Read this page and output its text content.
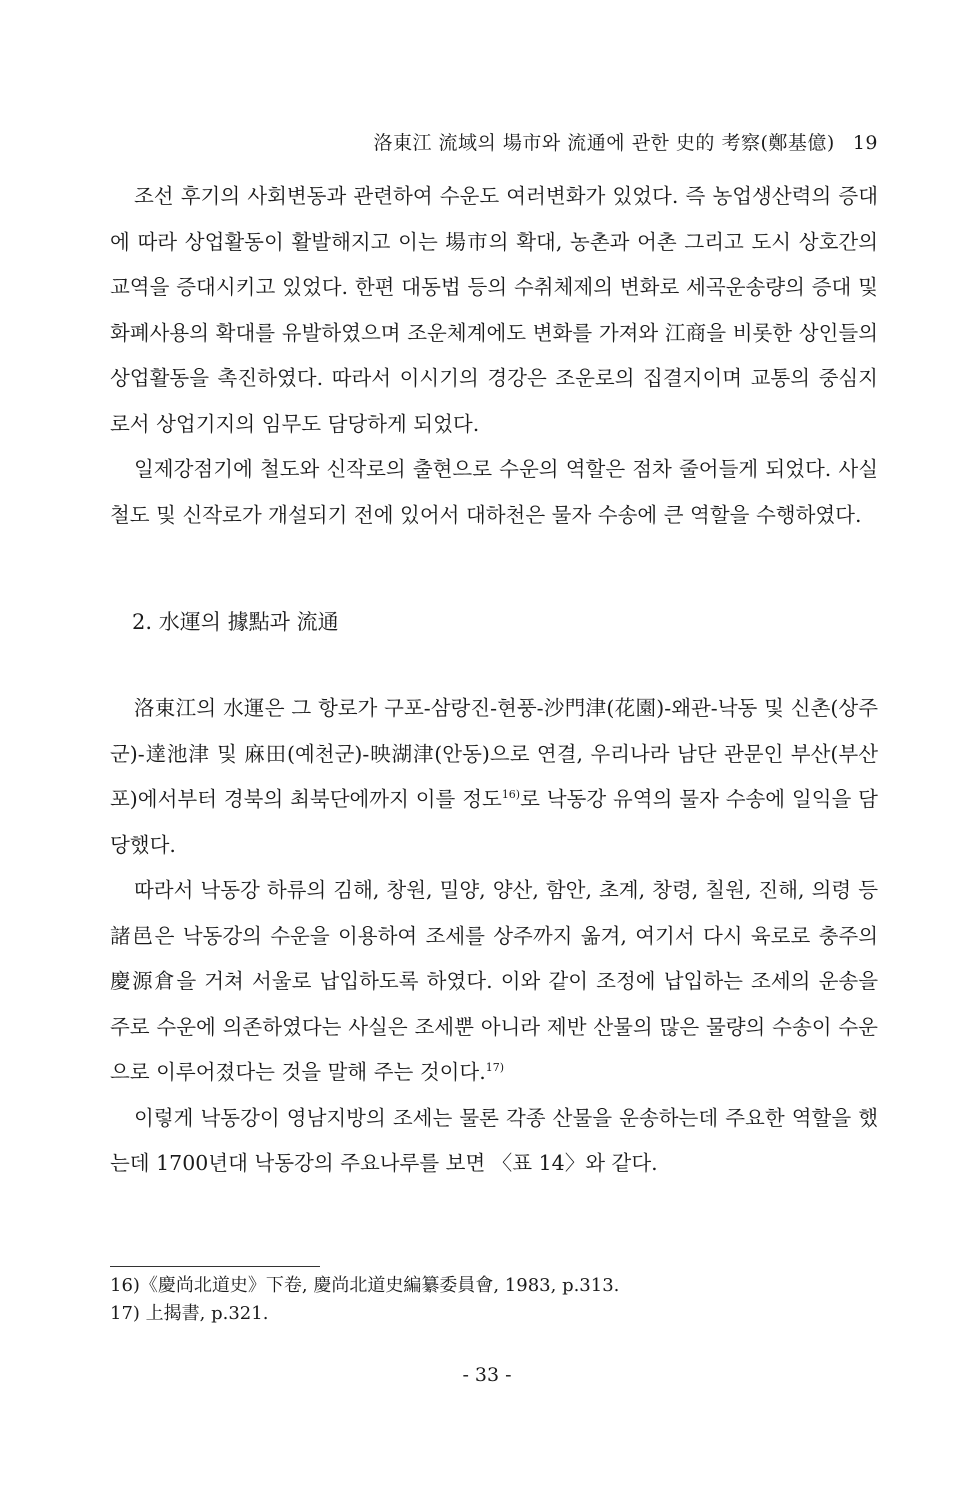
洛東江 流域의 場市와 流通에 관한 史的 考察(鄭基億) 19

조선 후기의 사회변동과 관련하여 수운도 여러변화가 있었다. 즉 농업생산력의 증대에 따라 상업활동이 활발해지고 이는 場市의 확대, 농촌과 어촌 그리고 도시 상호간의 교역을 증대시키고 있었다. 한편 대동법 등의 수취체제의 변화로 세곡운송량의 증대 및 화폐사용의 확대를 유발하였으며 조운체계에도 변화를 가져와 江商을 비롯한 상인들의 상업활동을 촉진하였다. 따라서 이시기의 경강은 조운로의 집결지이며 교통의 중심지로서 상업기지의 임무도 담당하게 되었다.

일제강점기에 철도와 신작로의 출현으로 수운의 역할은 점차 줄어들게 되었다. 사실 철도 및 신작로가 개설되기 전에 있어서 대하천은 물자 수송에 큰 역할을 수행하였다.

2. 水運의 據點과 流通

洛東江의 水運은 그 항로가 구포-삼랑진-현풍-沙門津(花園)-왜관-낙동 및 신촌(상주군)-達池津 및 麻田(예천군)-映湖津(안동)으로 연결, 우리나라 남단 관문인 부산(부산포)에서부터 경북의 최북단에까지 이를 정도$^{16)}$로 낙동강 유역의 물자 수송에 일익을 담당했다.

따라서 낙동강 하류의 김해, 창원, 밀양, 양산, 함안, 초계, 창령, 칠원, 진해, 의령 등 諸邑은 낙동강의 수운을 이용하여 조세를 상주까지 옮겨, 여기서 다시 육로로 충주의 慶源倉을 거쳐 서울로 납입하도록 하였다. 이와 같이 조정에 납입하는 조세의 운송을 주로 수운에 의존하였다는 사실은 조세뿐 아니라 제반 산물의 많은 물량의 수송이 수운으로 이루어졌다는 것을 말해 주는 것이다.$^{17)}$

이렇게 낙동강이 영남지방의 조세는 물론 각종 산물을 운송하는데 주요한 역할을 했는데 1700년대 낙동강의 주요나루를 보면 〈표 14〉와 같다.

16)《慶尚北道史》下卷, 慶尚北道史編纂委員會, 1983, p.313.
17) 上揭書, p.321.
- 33 -
